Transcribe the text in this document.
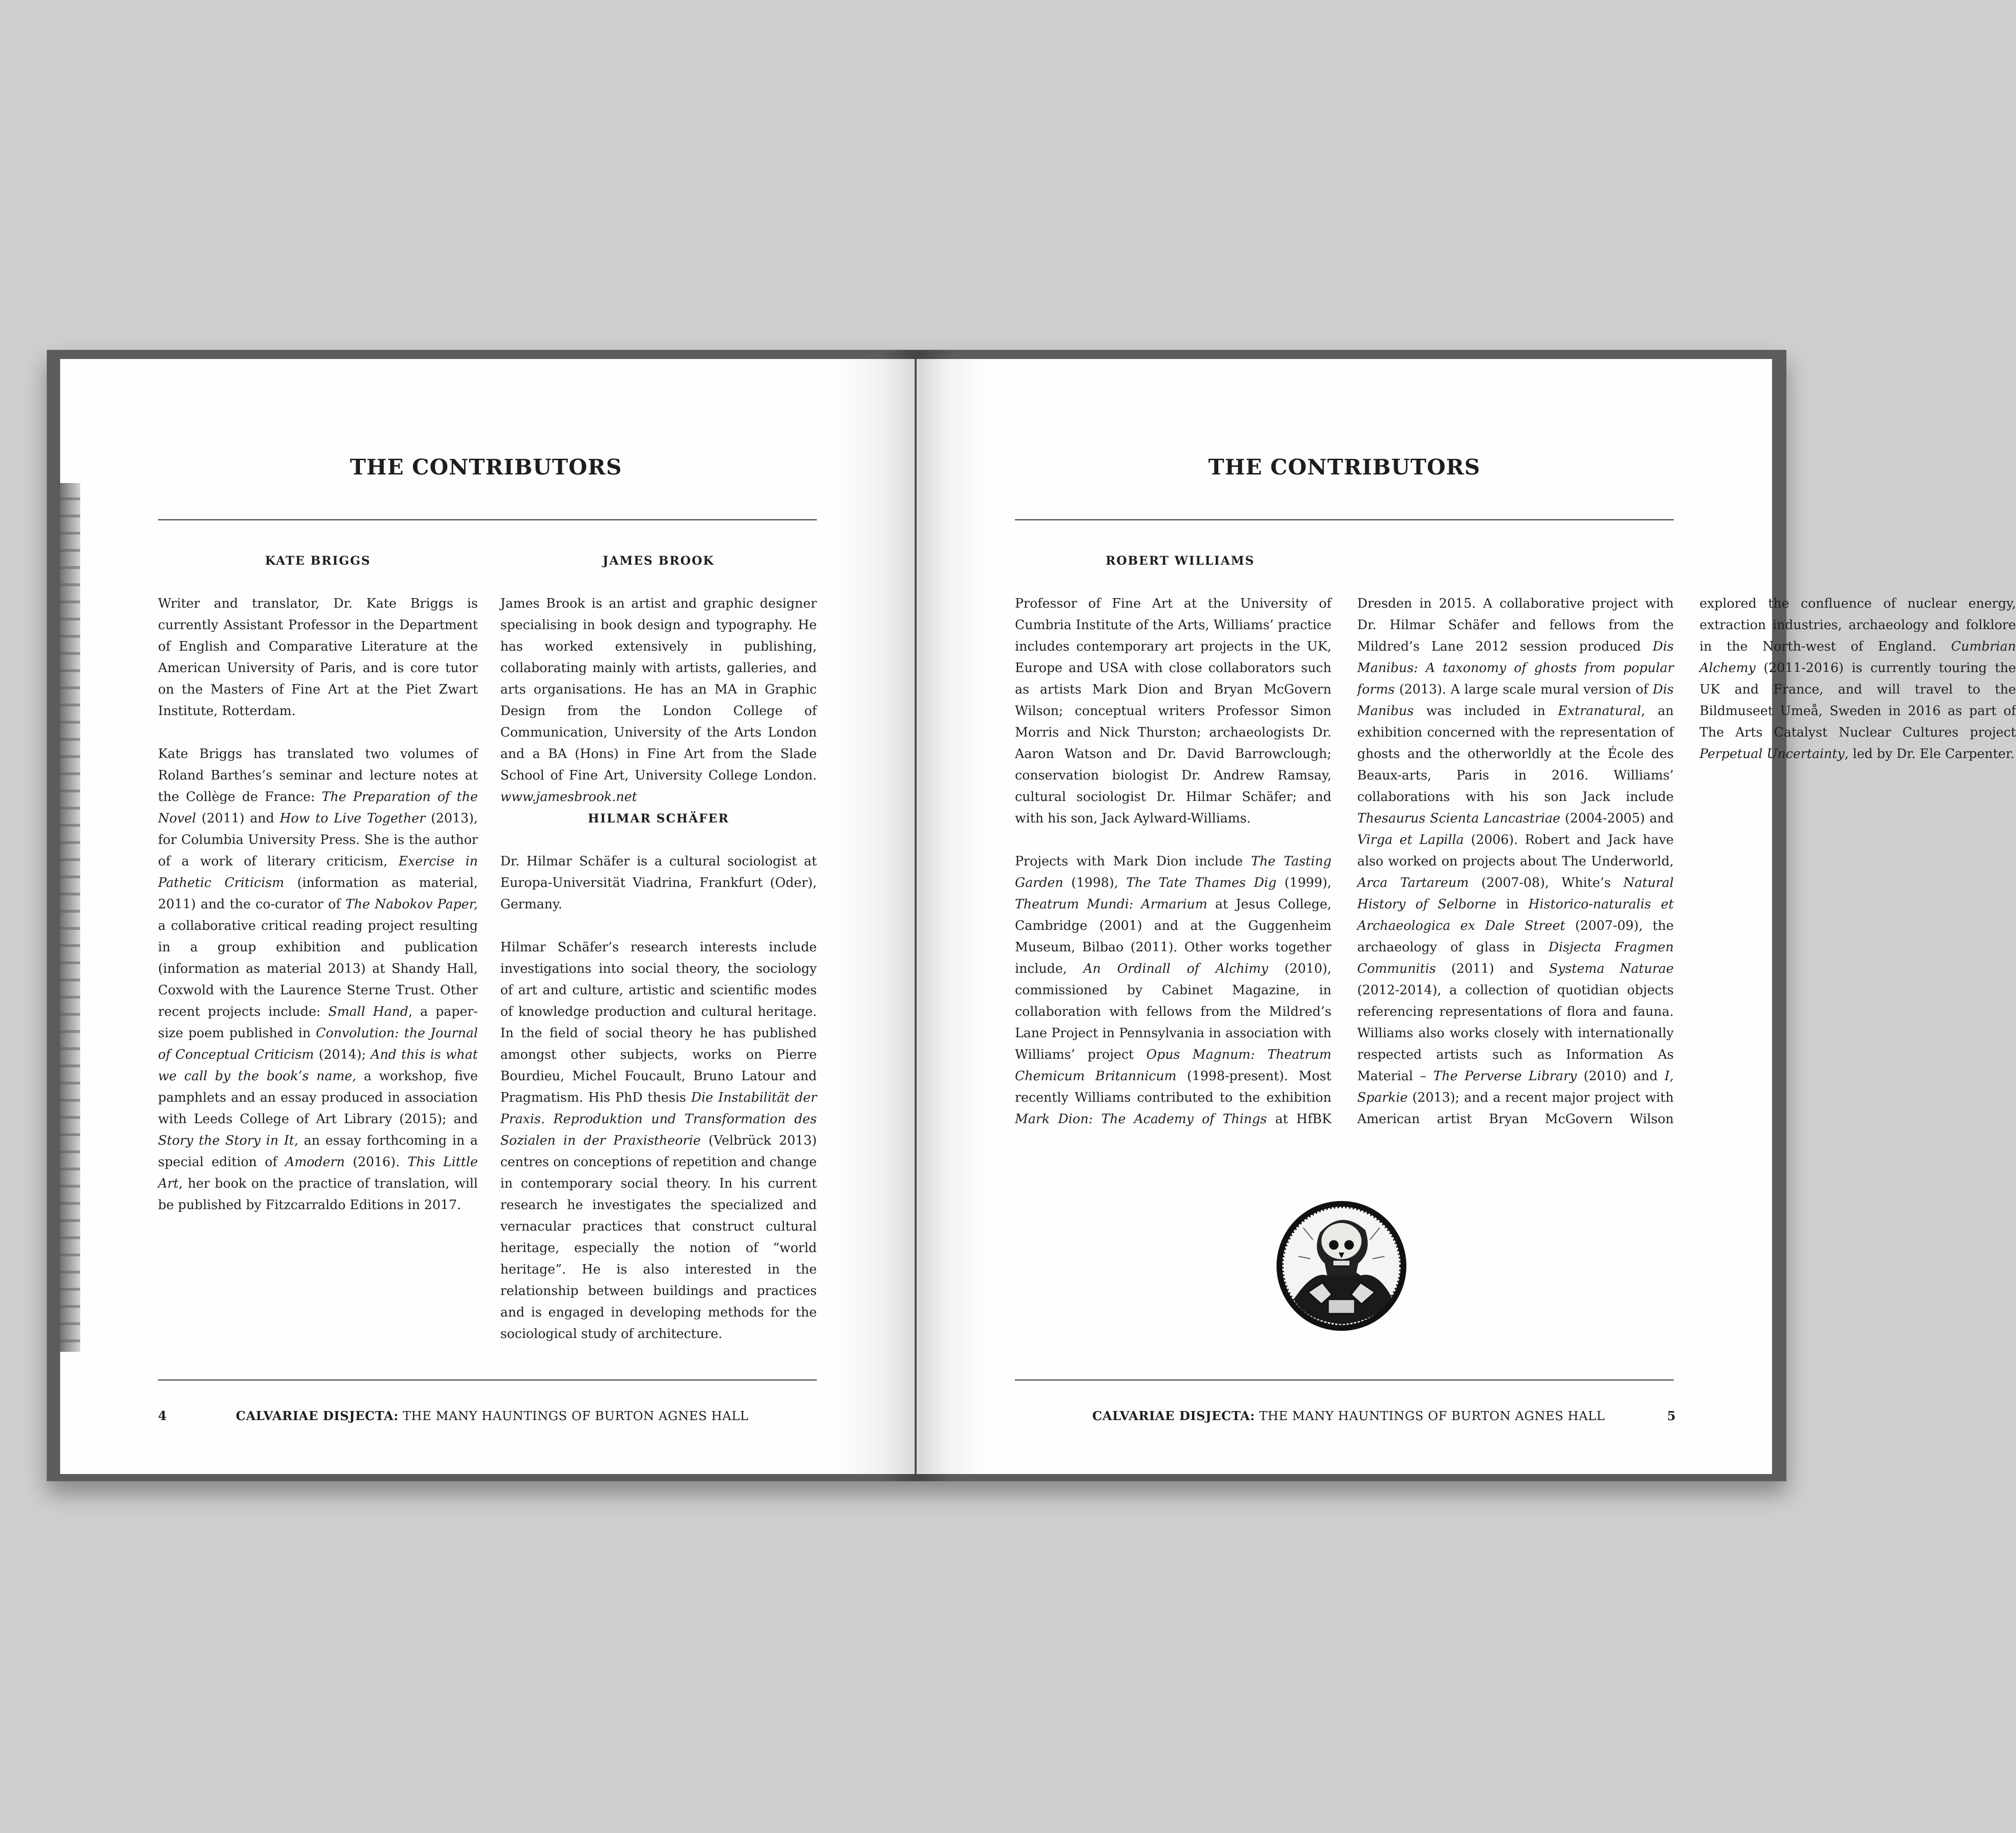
THE CONTRIBUTORS
KATE BRIGGS

Writer and translator, Dr. Kate Briggs is currently Assistant Professor in the Department of English and Comparative Literature at the American University of Paris, and is core tutor on the Masters of Fine Art at the Piet Zwart Institute, Rotterdam.

Kate Briggs has translated two volumes of Roland Barthes’s seminar and lecture notes at the Collège de France: The Preparation of the Novel (2011) and How to Live Together (2013), for Columbia University Press. She is the author of a work of literary criticism, Exercise in Pathetic Criticism (information as material, 2011) and the co-curator of The Nabokov Paper, a collaborative critical reading project resulting in a group exhibition and publication (information as material 2013) at Shandy Hall, Coxwold with the Laurence Sterne Trust. Other recent projects include: Small Hand, a paper-size poem published in Convolution: the Journal of Conceptual Criticism (2014); And this is what we call by the book’s name, a workshop, five pamphlets and an essay produced in association with Leeds College of Art Library (2015); and Story the Story in It, an essay forthcoming in a special edition of Amodern (2016). This Little Art, her book on the practice of translation, will be published by Fitzcarraldo Editions in 2017.

JAMES BROOK

James Brook is an artist and graphic designer specialising in book design and typography. He has worked extensively in publishing, collaborating mainly with artists, galleries, and arts organisations. He has an MA in Graphic Design from the London College of Communication, University of the Arts London and a BA (Hons) in Fine Art from the Slade School of Fine Art, University College London. www.jamesbrook.net

HILMAR SCHÄFER

Dr. Hilmar Schäfer is a cultural sociologist at Europa-Universität Viadrina, Frankfurt (Oder), Germany.

Hilmar Schäfer’s research interests include investigations into social theory, the sociology of art and culture, artistic and scientific modes of knowledge production and cultural heritage. In the field of social theory he has published amongst other subjects, works on Pierre Bourdieu, Michel Foucault, Bruno Latour and Pragmatism. His PhD thesis Die Instabilität der Praxis. Reproduktion und Transformation des Sozialen in der Praxistheorie (Velbrück 2013) centres on conceptions of repetition and change in contemporary social theory. In his current research he investigates the specialized and vernacular practices that construct cultural heritage, especially the notion of “world heritage”. He is also interested in the relationship between buildings and practices and is engaged in developing methods for the sociological study of architecture.

4	CALVARIAE DISJECTA: THE MANY HAUNTINGS OF BURTON AGNES HALL
THE CONTRIBUTORS
ROBERT WILLIAMS

Professor of Fine Art at the University of Cumbria Institute of the Arts, Williams’ practice includes contemporary art projects in the UK, Europe and USA with close collaborators such as artists Mark Dion and Bryan McGovern Wilson; conceptual writers Professor Simon Morris and Nick Thurston; archaeologists Dr. Aaron Watson and Dr. David Barrowclough; conservation biologist Dr. Andrew Ramsay, cultural sociologist Dr. Hilmar Schäfer; and with his son, Jack Aylward-Williams.

Projects with Mark Dion include The Tasting Garden (1998), The Tate Thames Dig (1999), Theatrum Mundi: Armarium at Jesus College, Cambridge (2001) and at the Guggenheim Museum, Bilbao (2011). Other works together include, An Ordinall of Alchimy (2010), commissioned by Cabinet Magazine, in collaboration with fellows from the Mildred’s Lane Project in Pennsylvania in association with Williams’ project Opus Magnum: Theatrum Chemicum Britannicum (1998-present). Most recently Williams contributed to the exhibition Mark Dion: The Academy of Things at HfBK Dresden in 2015. A collaborative project with Dr. Hilmar Schäfer and fellows from the Mildred’s Lane 2012 session produced Dis Manibus: A taxonomy of ghosts from popular forms (2013). A large scale mural version of Dis Manibus was included in Extranatural, an exhibition concerned with the representation of ghosts and the otherworldly at the École des Beaux-arts, Paris in 2016. Williams’ collaborations with his son Jack include Thesaurus Scienta Lancastriae (2004-2005) and Virga et Lapilla (2006). Robert and Jack have also worked on projects about The Underworld, Arca Tartareum (2007-08), White’s Natural History of Selborne in Historico-naturalis et Archaeologica ex Dale Street (2007-09), the archaeology of glass in Disjecta Fragmen Communitis (2011) and Systema Naturae (2012-2014), a collection of quotidian objects referencing representations of flora and fauna. Williams also works closely with internationally respected artists such as Information As Material – The Perverse Library (2010) and I, Sparkie (2013); and a recent major project with American artist Bryan McGovern Wilson explored the confluence of nuclear energy, extraction industries, archaeology and folklore in the North-west of England. Cumbrian Alchemy (2011-2016) is currently touring the UK and France, and will travel to the Bildmuseet Umeå, Sweden in 2016 as part of The Arts Catalyst Nuclear Cultures project Perpetual Uncertainty, led by Dr. Ele Carpenter.

CALVARIAE DISJECTA: THE MANY HAUNTINGS OF BURTON AGNES HALL	5
